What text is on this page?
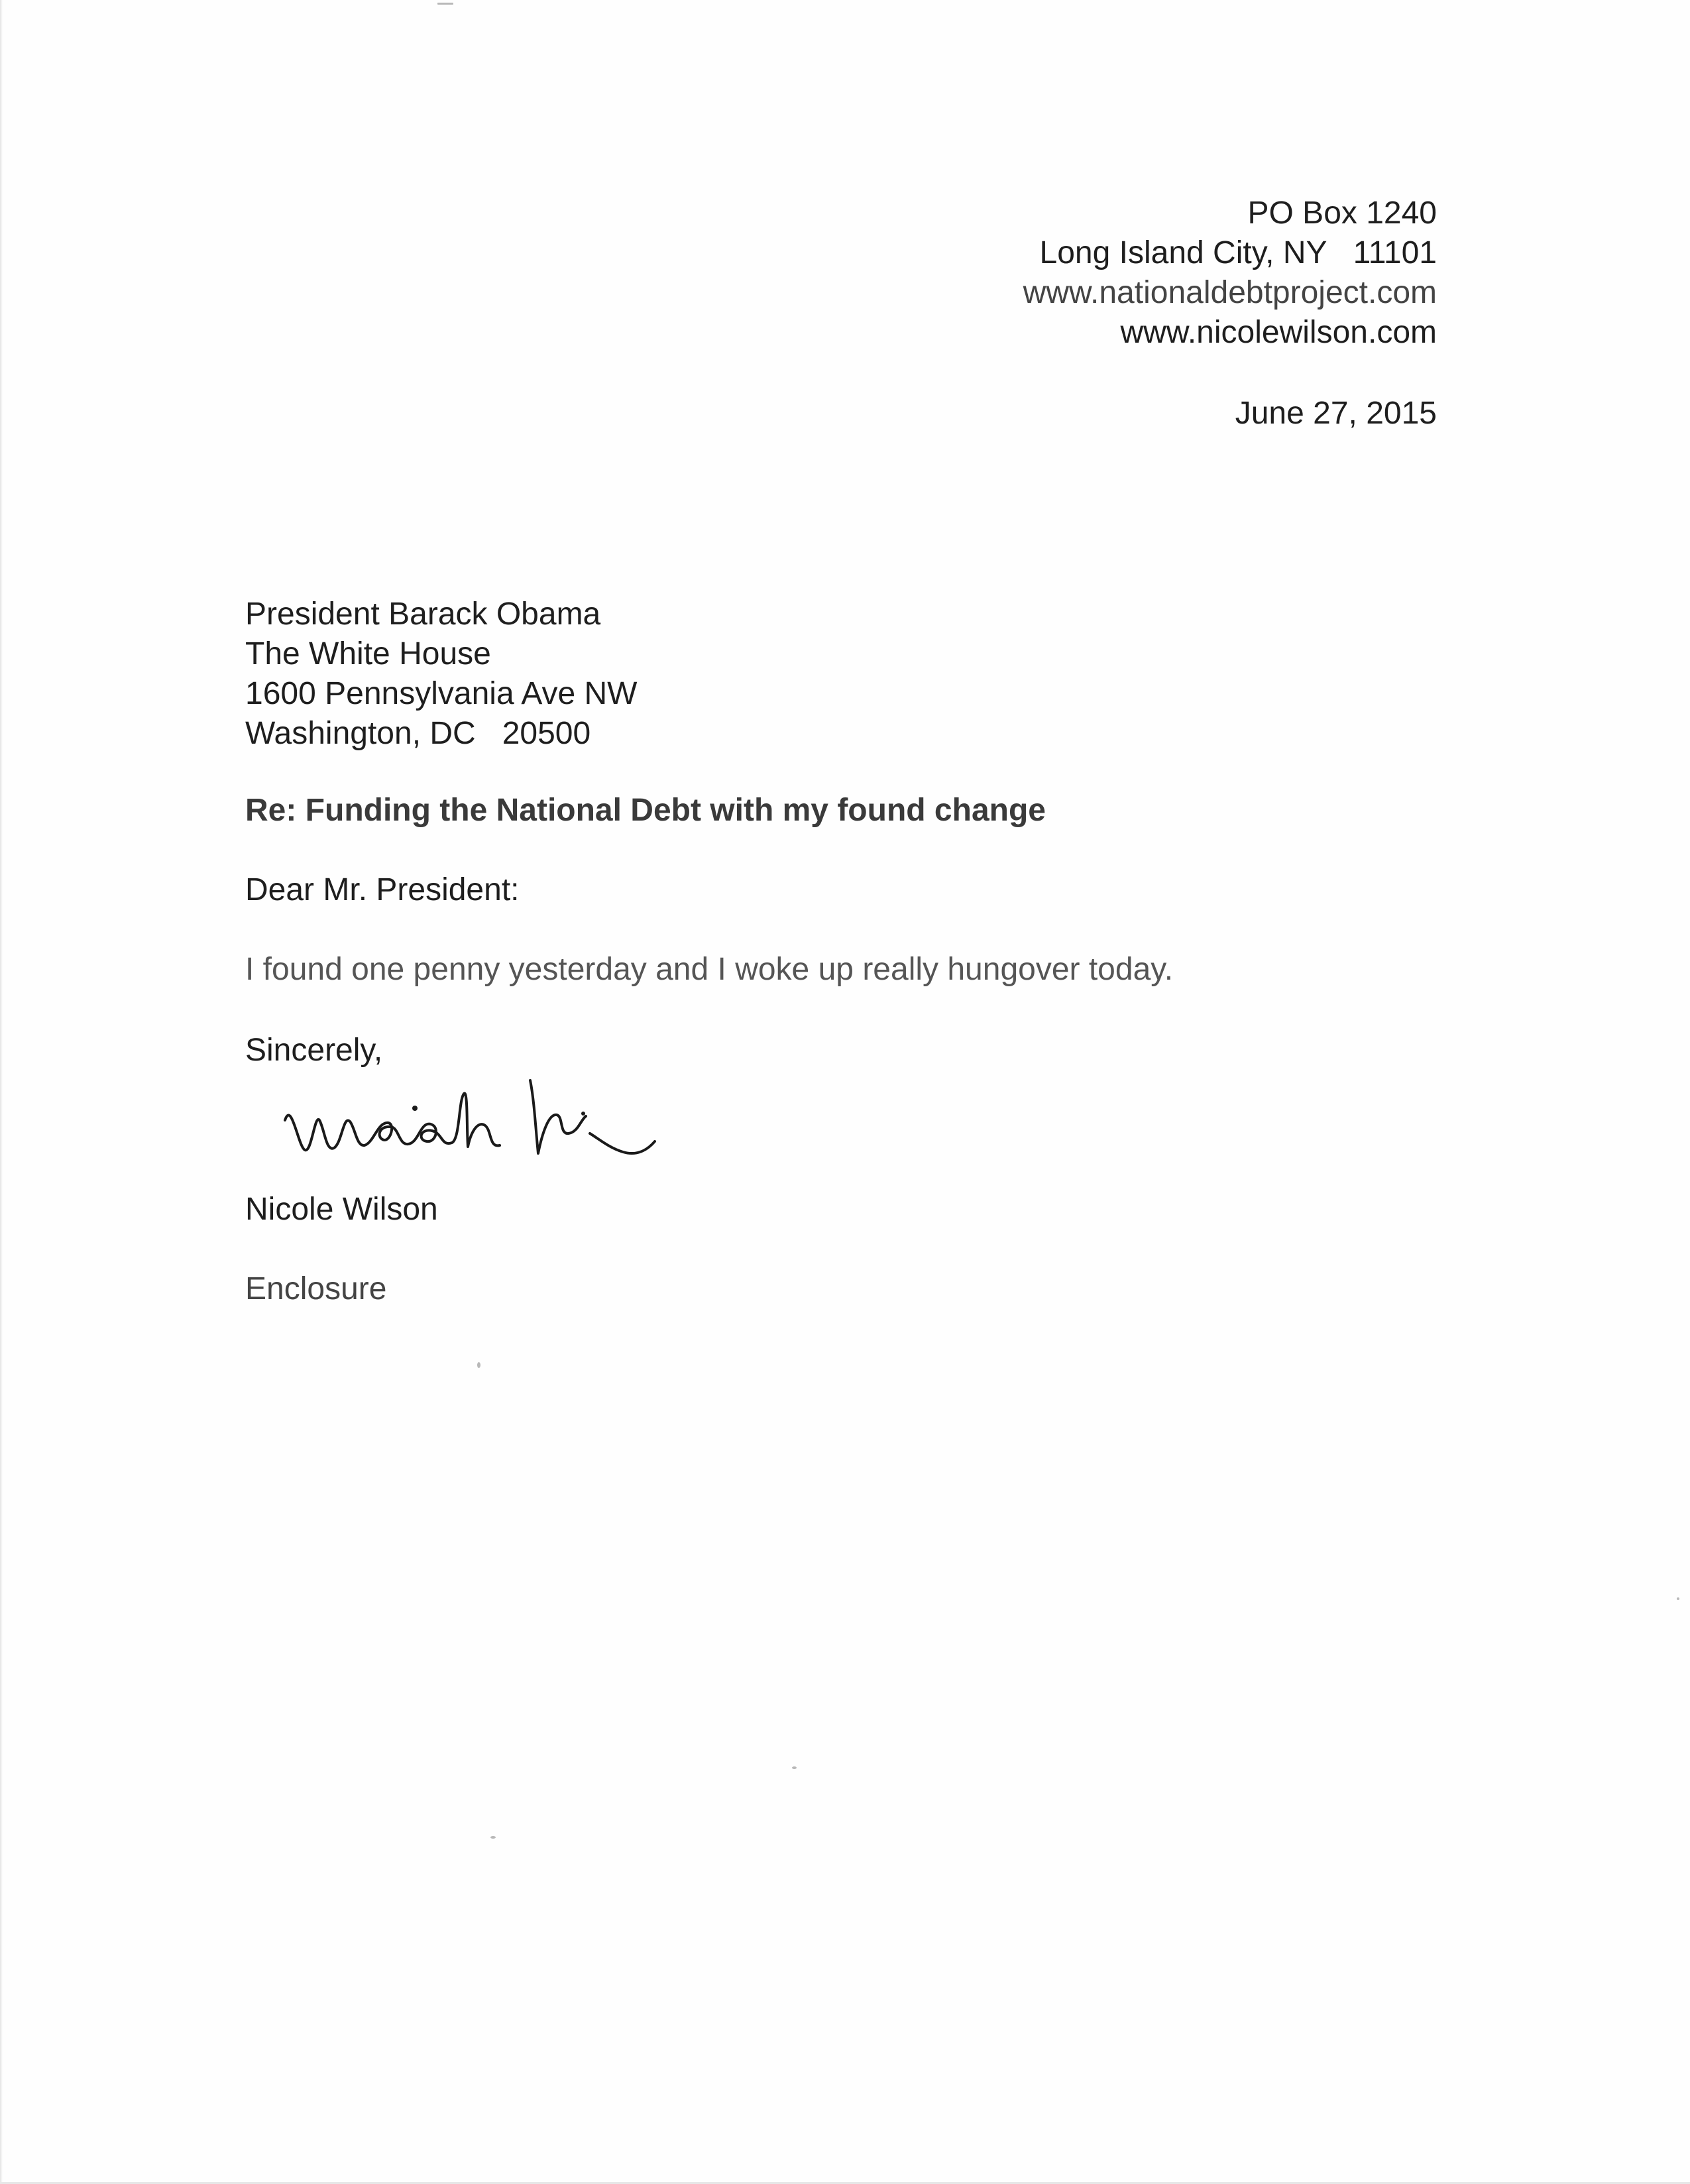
PO Box 1240
Long Island City, NY   11101
www.nationaldebtproject.com
www.nicolewilson.com
June 27, 2015
President Barack Obama
The White House
1600 Pennsylvania Ave NW
Washington, DC   20500
Re: Funding the National Debt with my found change
Dear Mr. President:
I found one penny yesterday and I woke up really hungover today.
Sincerely,
Nicole Wilson
Enclosure
